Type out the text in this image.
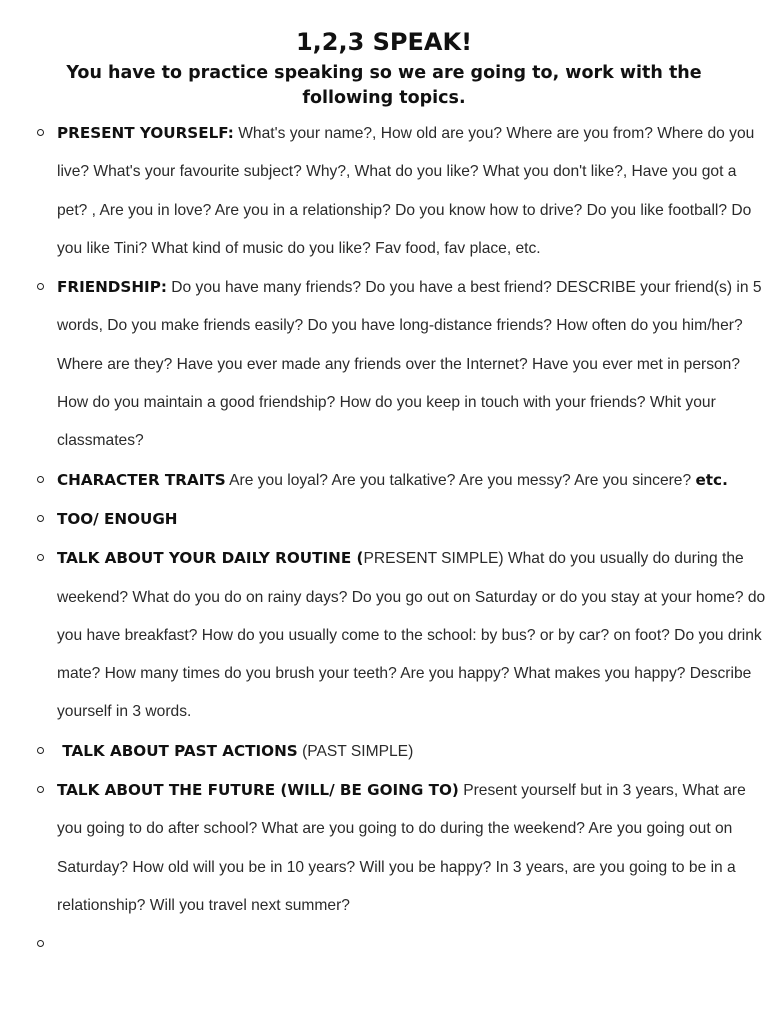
1,2,3 SPEAK!

You have to practice speaking so we are going to, work with the following topics.

PRESENT YOURSELF: What's your name?, How old are you? Where are you from? Where do you live? What's your favourite subject? Why?, What do you like? What you don't like?, Have you got a pet? , Are you in love? Are you in a relationship? Do you know how to drive? Do you like football? Do you like Tini? What kind of music do you like? Fav food, fav place, etc.
FRIENDSHIP: Do you have many friends? Do you have a best friend? DESCRIBE your friend(s) in 5 words, Do you make friends easily? Do you have long-distance friends? How often do you him/her? Where are they? Have you ever made any friends over the Internet? Have you ever met in person? How do you maintain a good friendship? How do you keep in touch with your friends? Whit your classmates?
CHARACTER TRAITS Are you loyal? Are you talkative? Are you messy? Are you sincere? etc.
TOO/ ENOUGH
TALK ABOUT YOUR DAILY ROUTINE (PRESENT SIMPLE) What do you usually do during the weekend? What do you do on rainy days? Do you go out on Saturday or do you stay at your home? do you have breakfast? How do you usually come to the school: by bus? or by car? on foot? Do you drink mate? How many times do you brush your teeth? Are you happy? What makes you happy? Describe yourself in 3 words.
TALK ABOUT PAST ACTIONS (PAST SIMPLE)
TALK ABOUT THE FUTURE (WILL/ BE GOING TO) Present yourself but in 3 years, What are you going to do after school? What are you going to do during the weekend? Are you going out on Saturday? How old will you be in 10 years? Will you be happy? In 3 years, are you going to be in a relationship? Will you travel next summer?
